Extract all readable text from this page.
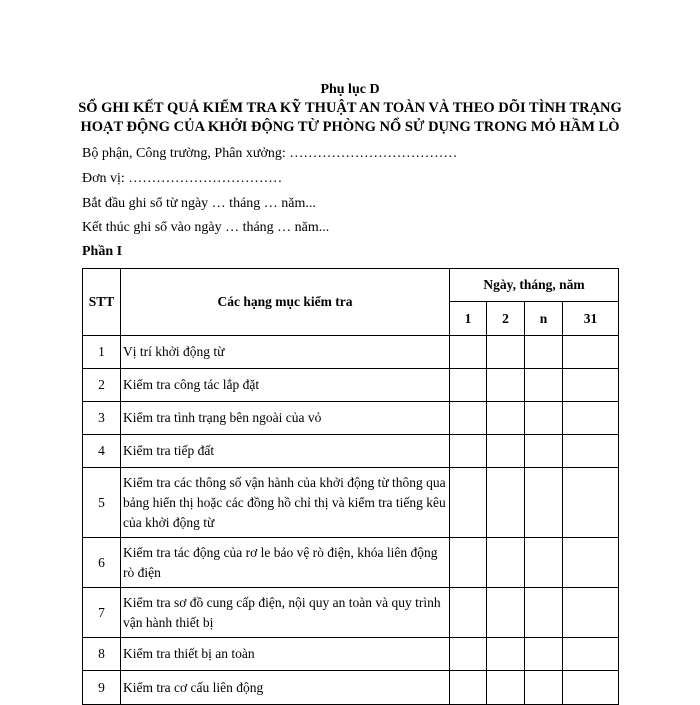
Phụ lục D
SỔ GHI KẾT QUẢ KIỂM TRA KỸ THUẬT AN TOÀN VÀ THEO DÕI TÌNH TRẠNG
HOẠT ĐỘNG CỦA KHỞI ĐỘNG TỪ PHÒNG NỔ SỬ DỤNG TRONG MỎ HẦM LÒ
Bộ phận, Công trường, Phân xưởng: ………………………………
Đơn vị: ……………………………
Bắt đầu ghi sổ từ ngày … tháng … năm...
Kết thúc ghi sổ vào ngày … tháng … năm...
Phần I
STT	Các hạng mục kiểm tra	Ngày, tháng, năm			
		1	2	n	31
1	Vị trí khởi động từ				
2	Kiểm tra công tác lắp đặt				
3	Kiểm tra tình trạng bên ngoài của vỏ				
4	Kiểm tra tiếp đất				
5	Kiểm tra các thông số vận hành của khởi động từ thông qua bảng hiển thị hoặc các đồng hồ chỉ thị và kiểm tra tiếng kêu của khởi động từ				
6	Kiểm tra tác động của rơ le bảo vệ rò điện, khóa liên động rò điện				
7	Kiểm tra sơ đồ cung cấp điện, nội quy an toàn và quy trình vận hành thiết bị				
8	Kiểm tra thiết bị an toàn				
9	Kiểm tra cơ cấu liên động				
